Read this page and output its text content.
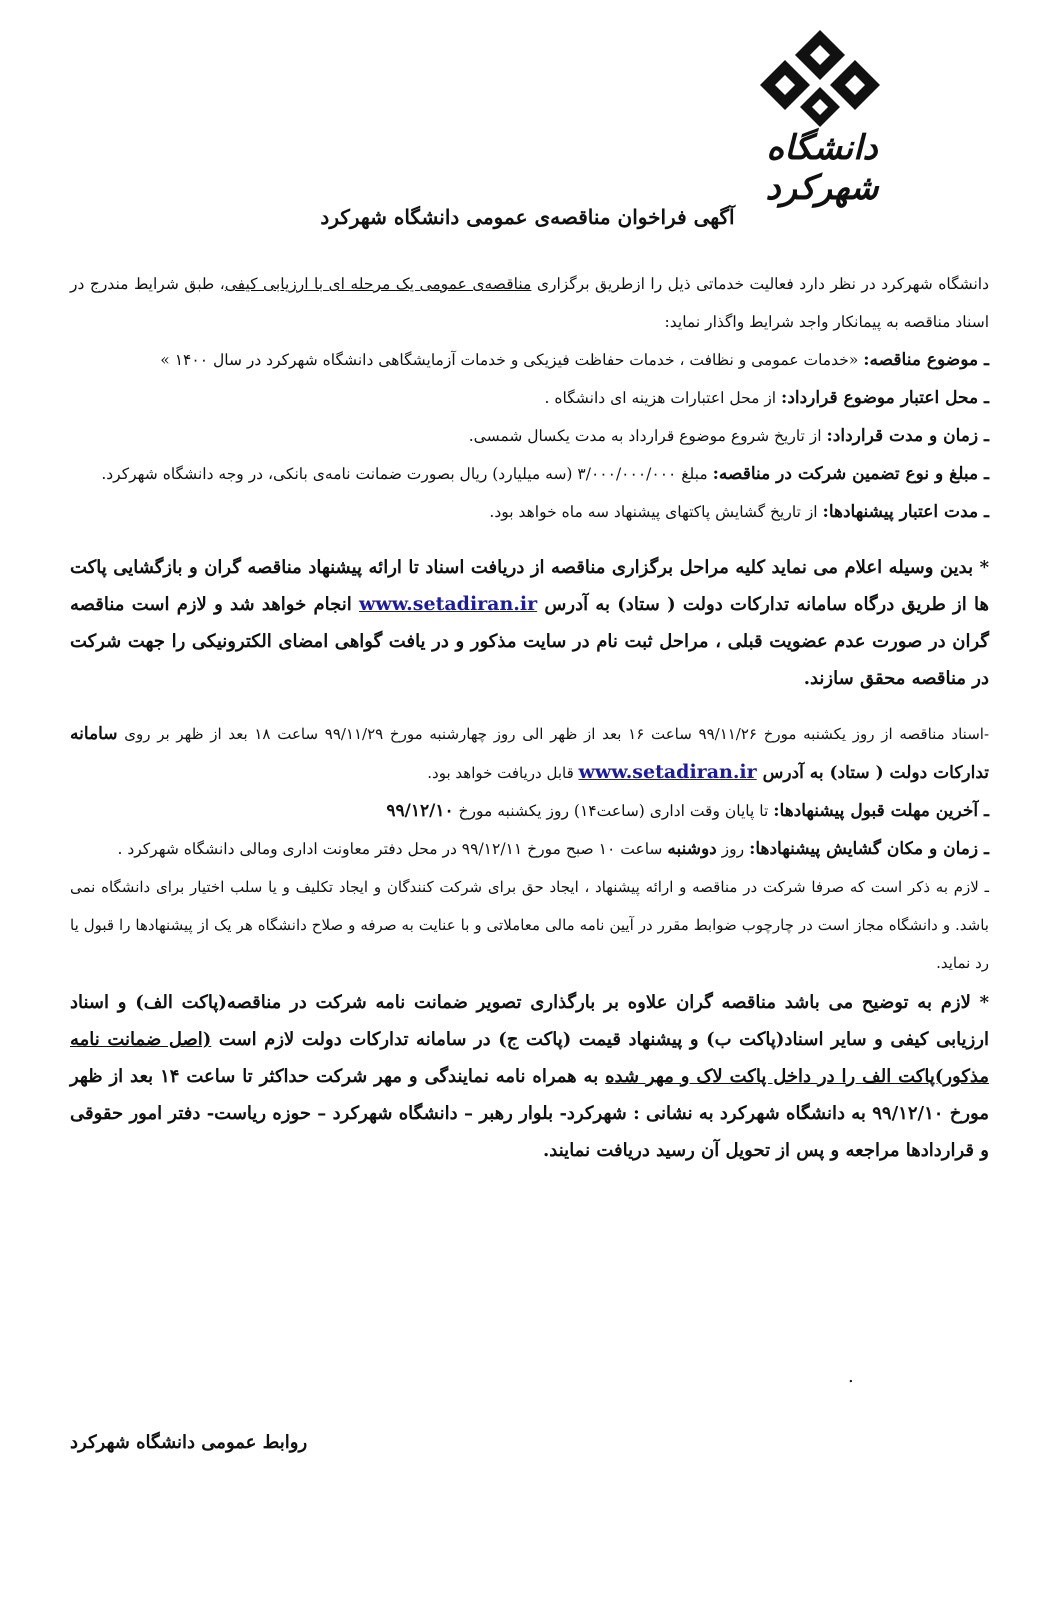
دانشگاه شهرکرد
آگهی فراخوان مناقصه‌ی عمومی دانشگاه شهرکرد

دانشگاه شهرکرد در نظر دارد فعالیت خدماتی ذیل را ازطریق برگزاری مناقصه‌ی عمومی یک مرحله ای با ارزیابی کیفی، طبق شرایط مندرج در اسناد مناقصه به پیمانکار واجد شرایط واگذار نماید:

ـ موضوع مناقصه: «خدمات عمومی و نظافت ، خدمات حفاظت فیزیکی و خدمات آزمایشگاهی دانشگاه شهرکرد در سال ۱۴۰۰ »

ـ محل اعتبار موضوع قرارداد: از محل اعتبارات هزینه ای دانشگاه .

ـ زمان و مدت قرارداد: از تاریخ شروع موضوع قرارداد به مدت یکسال شمسی.

ـ مبلغ و نوع تضمین شرکت در مناقصه: مبلغ ۳/۰۰۰/۰۰۰/۰۰۰ (سه میلیارد) ریال بصورت ضمانت نامه‌ی بانکی، در وجه دانشگاه شهرکرد.

ـ مدت اعتبار پیشنهادها: از تاریخ گشایش پاکتهای پیشنهاد سه ماه خواهد بود.

* بدین وسیله اعلام می نماید کلیه مراحل برگزاری مناقصه از دریافت اسناد تا ارائه پیشنهاد مناقصه گران و بازگشایی پاکت ها از طریق درگاه سامانه تدارکات دولت ( ستاد) به آدرس www.setadiran.ir انجام خواهد شد و لازم است مناقصه گران در صورت عدم عضویت قبلی ، مراحل ثبت نام در سایت مذکور و در یافت گواهی امضای الکترونیکی را جهت شرکت در مناقصه محقق سازند.

-اسناد مناقصه از روز یکشنبه مورخ ۹۹/۱۱/۲۶ ساعت ۱۶ بعد از ظهر الی روز چهارشنبه مورخ ۹۹/۱۱/۲۹ ساعت ۱۸ بعد از ظهر بر روی سامانه تدارکات دولت ( ستاد) به آدرس www.setadiran.ir قابل دریافت خواهد بود.

ـ آخرین مهلت قبول پیشنهادها: تا پایان وقت اداری (ساعت۱۴) روز یکشنبه مورخ ۹۹/۱۲/۱۰

ـ زمان و مکان گشایش پیشنهادها: روز دوشنبه ساعت ۱۰ صبح مورخ ۹۹/۱۲/۱۱ در محل دفتر معاونت اداری ومالی دانشگاه شهرکرد .

ـ لازم به ذکر است که صرفا شرکت در مناقصه و ارائه پیشنهاد ، ایجاد حق برای شرکت کنندگان و ایجاد تکلیف و یا سلب اختیار برای دانشگاه نمی باشد. و دانشگاه مجاز است در چارچوب ضوابط مقرر در آیین نامه مالی معاملاتی و با عنایت به صرفه و صلاح دانشگاه هر یک از پیشنهادها را قبول یا رد نماید.

* لازم به توضیح می باشد مناقصه گران علاوه بر بارگذاری تصویر ضمانت نامه شرکت در مناقصه(پاکت الف) و اسناد ارزیابی کیفی و سایر اسناد(پاکت ب) و پیشنهاد قیمت (پاکت ج) در سامانه تدارکات دولت لازم است (اصل ضمانت نامه مذکور)پاکت الف را در داخل پاکت لاک و مهر شده به همراه نامه نمایندگی و مهر شرکت حداکثر تا ساعت ۱۴ بعد از ظهر مورخ ۹۹/۱۲/۱۰ به دانشگاه شهرکرد به نشانی : شهرکرد- بلوار رهبر – دانشگاه شهرکرد – حوزه ریاست- دفتر امور حقوقی و قراردادها مراجعه و پس از تحویل آن رسید دریافت نمایند.

.
روابط عمومی دانشگاه شهرکرد
